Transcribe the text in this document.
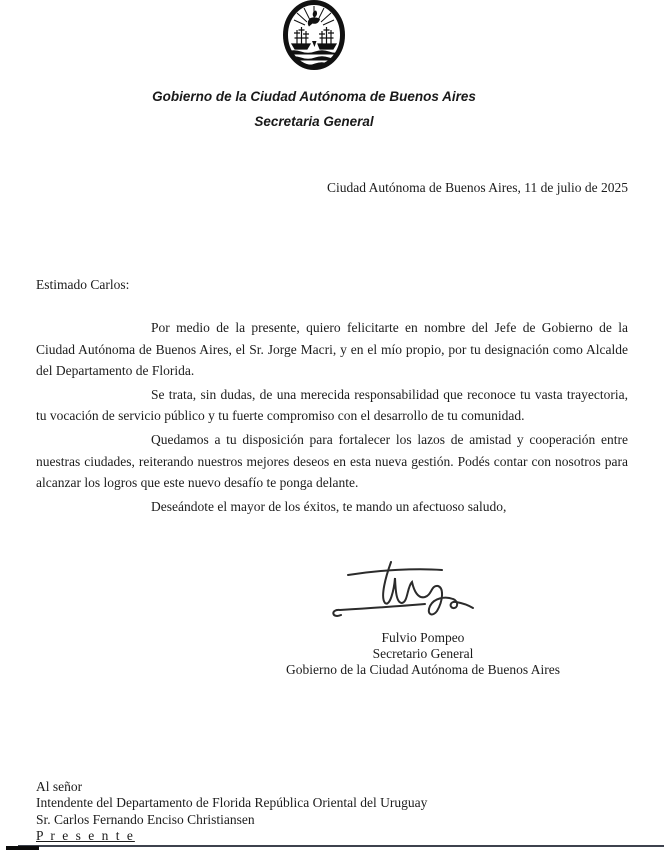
Gobierno de la Ciudad Autónoma de Buenos Aires
Secretaria General
Ciudad Autónoma de Buenos Aires, 11 de julio de 2025
Estimado Carlos:

Por medio de la presente, quiero felicitarte en nombre del Jefe de Gobierno de la Ciudad Autónoma de Buenos Aires, el Sr. Jorge Macri, y en el mío propio, por tu designación como Alcalde del Departamento de Florida.

Se trata, sin dudas, de una merecida responsabilidad que reconoce tu vasta trayectoria, tu vocación de servicio público y tu fuerte compromiso con el desarrollo de tu comunidad.

Quedamos a tu disposición para fortalecer los lazos de amistad y cooperación entre nuestras ciudades, reiterando nuestros mejores deseos en esta nueva gestión. Podés contar con nosotros para alcanzar los logros que este nuevo desafío te ponga delante.

Deseándote el mayor de los éxitos, te mando un afectuoso saludo,

Fulvio Pompeo
Secretario General
Gobierno de la Ciudad Autónoma de Buenos Aires
Al señor
Intendente del Departamento de Florida República Oriental del Uruguay
Sr. Carlos Fernando Enciso Christiansen
P r e s e n t e
